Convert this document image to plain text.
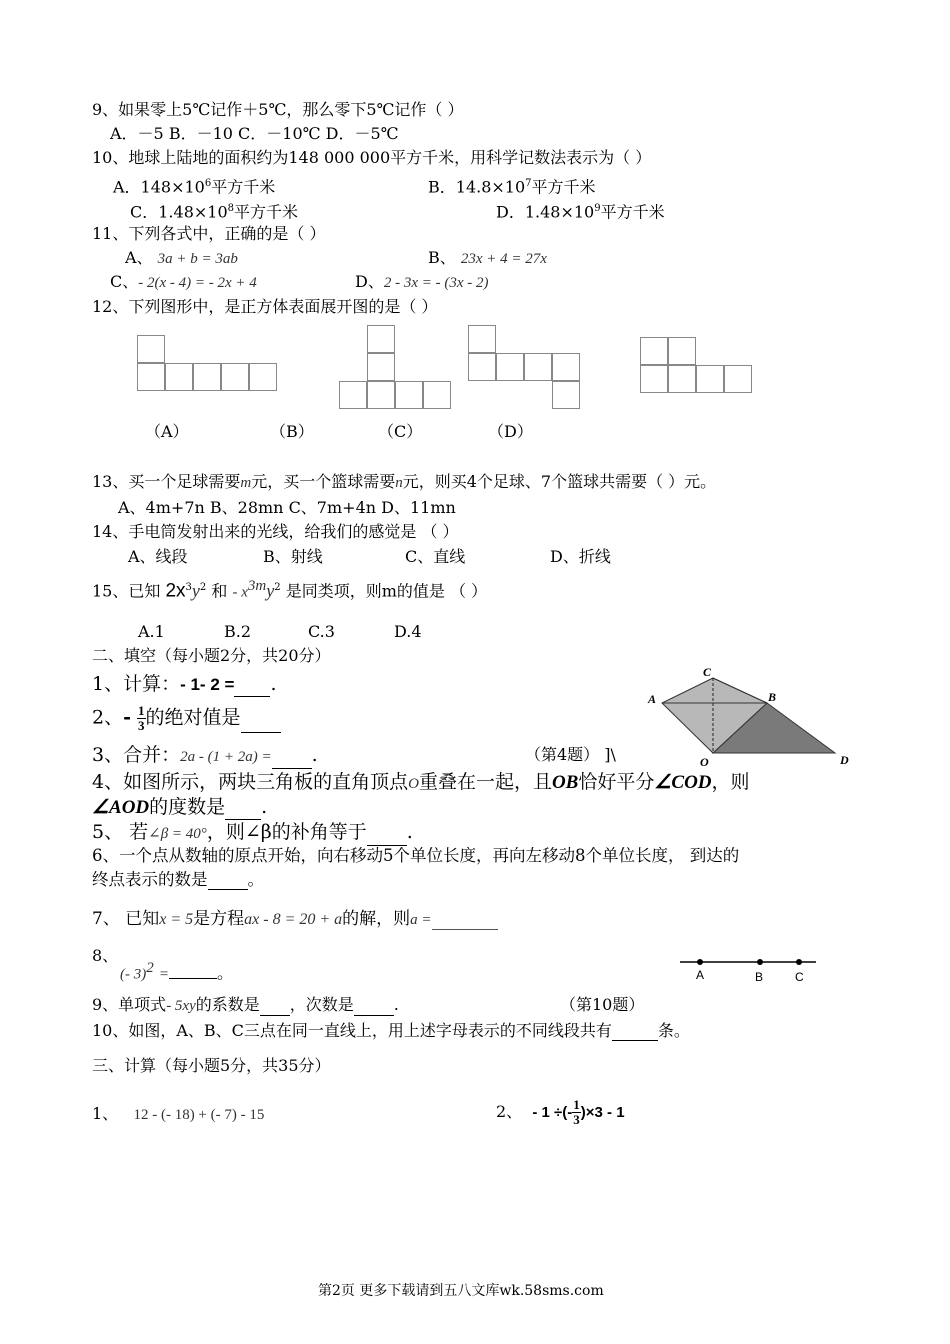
9、如果零上5℃记作＋5℃，那么零下5℃记作（ ）
A．－5 B．－10 C．－10℃ D．－5℃
10、地球上陆地的面积约为148 000 000平方千米，用科学记数法表示为（ ）
A．$148\times 10^6$平方千米	B．$14.8\times 10^7$平方千米
C．$1.48\times 10^8$平方千米	D．$1.48\times 10^9$平方千米
11、下列各式中，正确的是（ ）
A、 3a + b = 3ab	B、 23x + 4 = 27x
C、- 2(x - 4) = - 2x + 4	D、2 - 3x = - (3x - 2)
12、下列图形中，是正方体表面展开图的是（ ）
（A）	（B）	（C）	（D）
13、买一个足球需要m元，买一个篮球需要n元，则买4个足球、7个篮球共需要（ ）元。
A、4m+7n B、28mn C、7m+4n D、11mn
14、手电筒发射出来的光线，给我们的感觉是 （ ）
A、线段	B、射线	C、直线	D、折线
15、已知 $2x^3y^2$ 和 - $x^{3m}y^2$ 是同类项，则m的值是 （ ）
A.1	B.2	C.3	D.4
二、填空（每小题2分，共20分）
1、计算：- 1- 2 = .
2、- $\frac{1}{3}$ 的绝对值是
3、合并：2a - (1 + 2a) = .	（第4题） ]\
4、如图所示，两块三角板的直角顶点O重叠在一起，且OB恰好平分∠COD，则
∠AOD的度数是 .
5、 若∠β = 40°，则∠β的补角等于 .
6、一个点从数轴的原点开始，向右移动5个单位长度，再向左移动8个单位长度， 到达的
终点表示的数是 。
7、 已知x = 5是方程ax - 8 = 20 + a的解，则a =
8、
(- 3)$^2$ =	。
9、单项式- 5xy的系数是 ，次数是	.	（第10题）
10、如图，A、B、C三点在同一直线上，用上述字母表示的不同线段共有	条。
三、计算（每小题5分，共35分）
1、 12 - (- 18) + (- 7) - 15	2、 - 1 ÷(- $\frac{1}{3} )\times 3 - 1$
C
A	B
O	D
A	B	C
第2页 更多下载请到五八文库wk.58sms.com
